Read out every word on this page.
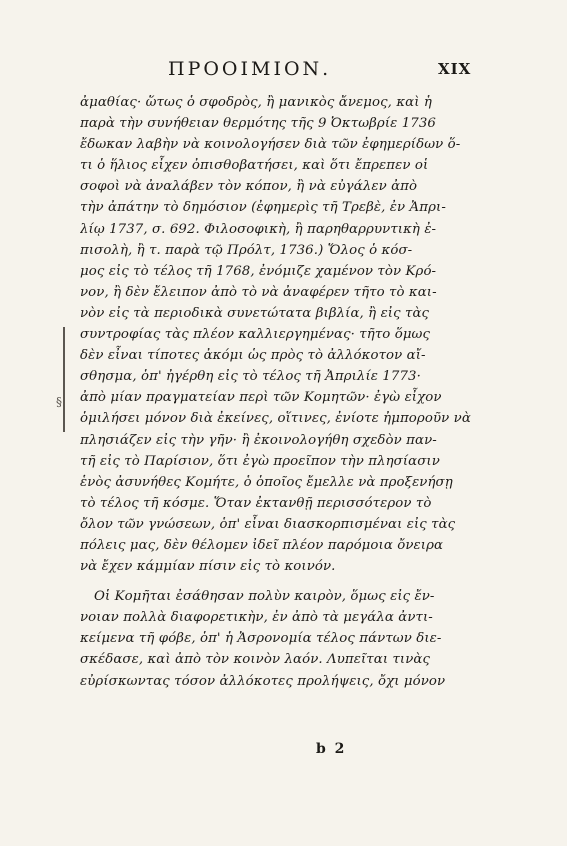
ΠΡΟΟΙΜΙΟΝ.	XIX
§
ἀμαθίας· ὥτως ὁ σφοδρὸς, ἢ μανικὸς ἄνεμος, καὶ ἡ
παρὰ τὴν συνήθειαν θερμότης τῆς 9 Ὀκτωβρίε 1736
ἔδωκαν λαβὴν νὰ κοινολογήσεν διὰ τῶν ἐφημερίδων ὅ-
τι ὁ ἥλιος εἶχεν ὀπισθοβατήσει, καὶ ὅτι ἔπρεπεν οἱ
σοφοὶ νὰ ἀναλάβεν τὸν κόπον, ἢ νὰ εὐγάλεν ἀπὸ
τὴν ἀπάτην τὸ δημόσιον (ἐφημερὶς τῆ Τρεβὲ, ἐν Ἀπρι-
λίῳ 1737, σ. 692. Φιλοσοφικὴ, ἢ παρηθαρρυντικὴ ἐ-
πισολὴ, ἢ τ. παρὰ τῷ Πρόλτ, 1736.) Ὅλος ὁ κόσ-
μος εἰς τὸ τέλος τῆ 1768, ἐνόμιζε χαμένον τὸν Κρό-
νον, ἢ δὲν ἔλειπον ἀπὸ τὸ νὰ ἀναφέρεν τῆτο τὸ και-
νὸν εἰς τὰ περιοδικὰ συνετώτατα βιβλία, ἢ εἰς τὰς
συντροφίας τὰς πλέον καλλιεργημένας· τῆτο ὅμως
δὲν εἶναι τίποτες ἀκόμι ὡς πρὸς τὸ ἀλλόκοτον αἴ-
σθησμα, ὁπ' ἠγέρθη εἰς τὸ τέλος τῆ Ἀπριλίε 1773·
ἀπὸ μίαν πραγματείαν περὶ τῶν Κομητῶν· ἐγὼ εἶχον
ὁμιλήσει μόνον διὰ ἐκείνες, οἵτινες, ἐνίοτε ἠμποροῦν νὰ
πλησιάζεν εἰς τὴν γῆν· ἢ ἐκοινολογήθη σχεδὸν παν-
τῆ εἰς τὸ Παρίσιον, ὅτι ἐγὼ προεῖπον τὴν πλησίασιν
ἑνὸς ἀσυνήθες Κομήτε, ὁ ὁποῖος ἔμελλε νὰ προξενήσῃ
τὸ τέλος τῆ κόσμε. Ὅταν ἐκτανθῇ περισσότερον τὸ
ὄλον τῶν γνώσεων, ὁπ' εἶναι διασκορπισμέναι εἰς τὰς
πόλεις μας, δὲν θέλομεν ἰδεῖ πλέον παρόμοια ὄνειρα
νὰ ἔχεν κάμμίαν πίσιν εἰς τὸ κοινόν.
Οἱ Κομῆται ἐσάθησαν πολὺν καιρὸν, ὅμως εἰς ἔν-
νοιαν πολλὰ διαφορετικὴν, ἐν ἀπὸ τὰ μεγάλα ἀντι-
κείμενα τῆ φόβε, ὁπ' ἡ Ἀσρονομία τέλος πάντων διε-
σκέδασε, καὶ ἀπὸ τὸν κοινὸν λαόν. Λυπεῖται τινὰς
εὐρίσκωντας τόσον ἀλλόκοτες προλήψεις, ὄχι μόνον
b 2
